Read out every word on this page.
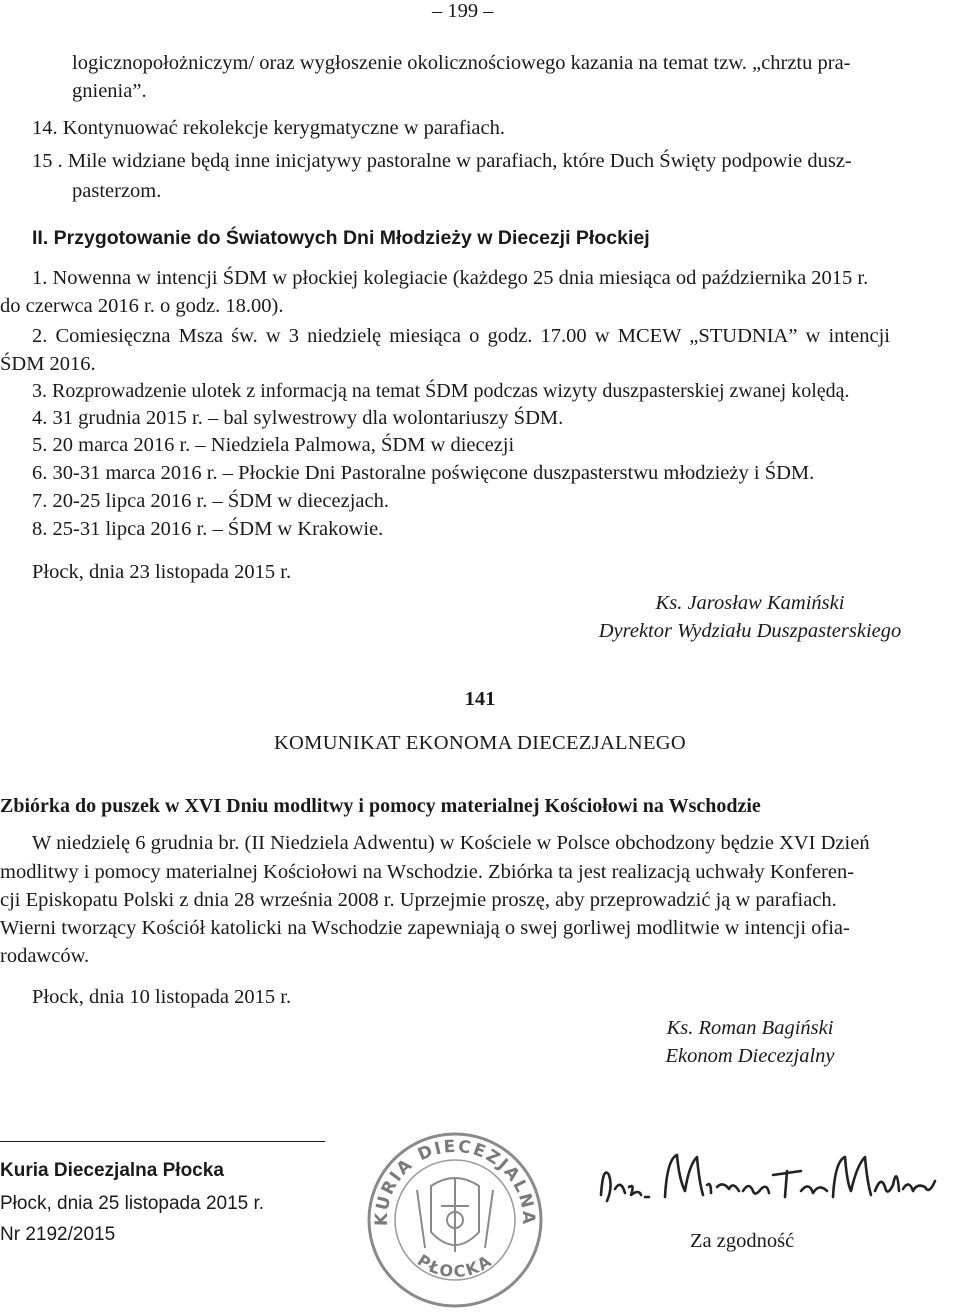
– 199 –
logicznopołożniczym/ oraz wygłoszenie okolicznościowego kazania na temat tzw. „chrztu pra-
gnienia”.
14. Kontynuować rekolekcje kerygmatyczne w parafiach.
15 . Mile widziane będą inne inicjatywy pastoralne w parafiach, które Duch Święty podpowie dusz-
pasterzom.
II. Przygotowanie do Światowych Dni Młodzieży w Diecezji Płockiej
1. Nowenna w intencji ŚDM w płockiej kolegiacie (każdego 25 dnia miesiąca od października 2015 r.
do czerwca 2016 r. o godz. 18.00).
2. Comiesięczna Msza św. w 3 niedzielę miesiąca o godz. 17.00 w MCEW „STUDNIA” w intencji
ŚDM 2016.
3. Rozprowadzenie ulotek z informacją na temat ŚDM podczas wizyty duszpasterskiej zwanej kolędą.
4. 31 grudnia 2015 r. – bal sylwestrowy dla wolontariuszy ŚDM.
5. 20 marca 2016 r. – Niedziela Palmowa, ŚDM w diecezji
6. 30-31 marca 2016 r. – Płockie Dni Pastoralne poświęcone duszpasterstwu młodzieży i ŚDM.
7. 20-25 lipca 2016 r. – ŚDM w diecezjach.
8. 25-31 lipca 2016 r. – ŚDM w Krakowie.
Płock, dnia 23 listopada 2015 r.
Ks. Jarosław Kamiński
Dyrektor Wydziału Duszpasterskiego
141
KOMUNIKAT EKONOMA DIECEZJALNEGO
Zbiórka do puszek w XVI Dniu modlitwy i pomocy materialnej Kościołowi na Wschodzie
W niedzielę 6 grudnia br. (II Niedziela Adwentu) w Kościele w Polsce obchodzony będzie XVI Dzień
modlitwy i pomocy materialnej Kościołowi na Wschodzie. Zbiórka ta jest realizacją uchwały Konferen-
cji Episkopatu Polski z dnia 28 września 2008 r. Uprzejmie proszę, aby przeprowadzić ją w parafiach.
Wierni tworzący Kościół katolicki na Wschodzie zapewniają o swej gorliwej modlitwie w intencji ofia-
rodawców.
Płock, dnia 10 listopada 2015 r.
Ks. Roman Bagiński
Ekonom Diecezjalny
Kuria Diecezjalna Płocka
Płock, dnia 25 listopada 2015 r.
Nr 2192/2015
KURIA DIECEZJALNA
PŁOCKA
Za zgodność
